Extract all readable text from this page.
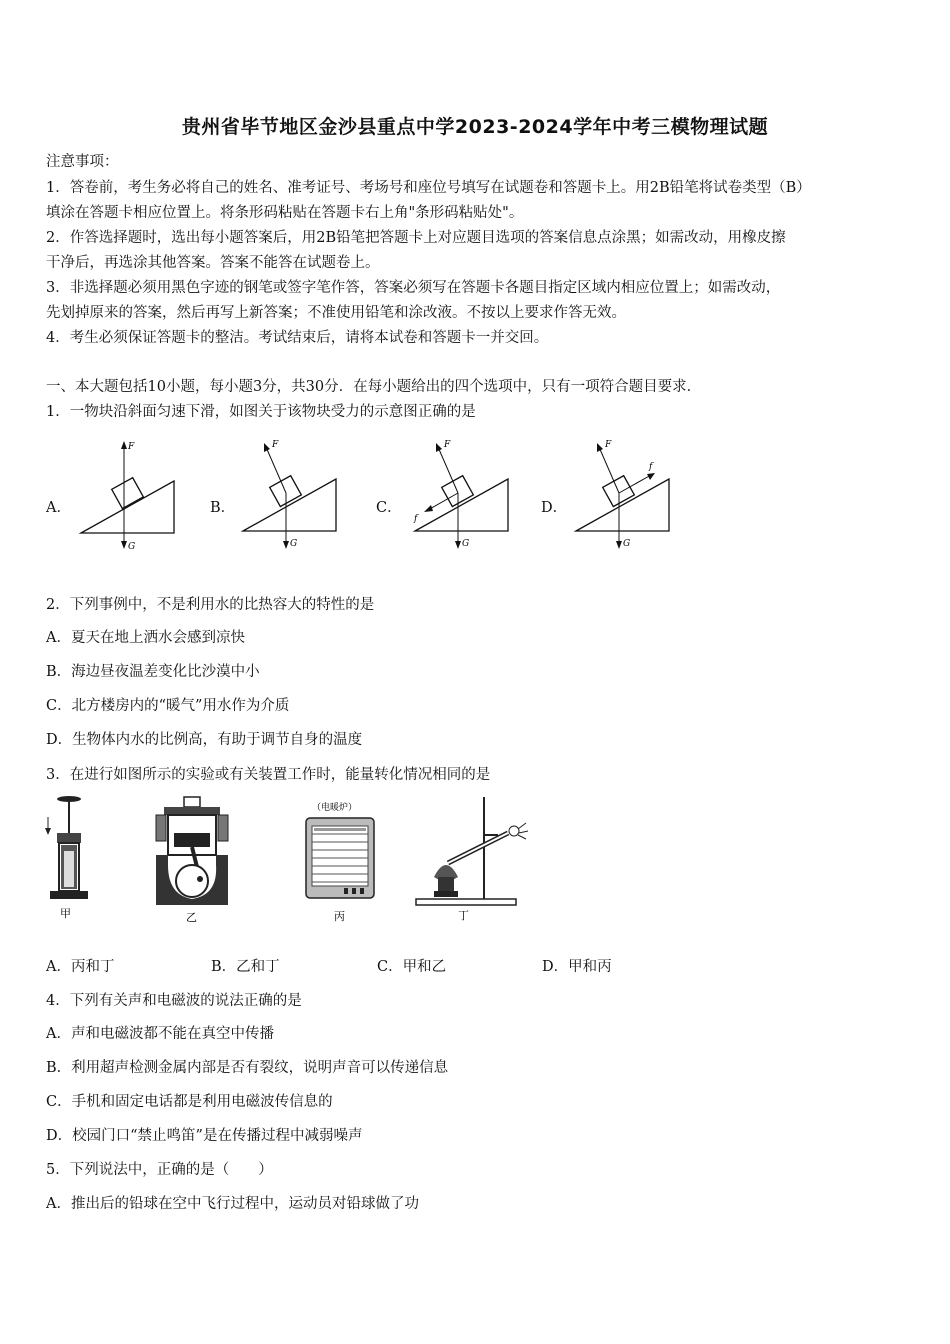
贵州省毕节地区金沙县重点中学2023-2024学年中考三模物理试题
注意事项：
1．答卷前，考生务必将自己的姓名、准考证号、考场号和座位号填写在试题卷和答题卡上。用2B铅笔将试卷类型（B）
填涂在答题卡相应位置上。将条形码粘贴在答题卡右上角"条形码粘贴处"。
2．作答选择题时，选出每小题答案后，用2B铅笔把答题卡上对应题目选项的答案信息点涂黑；如需改动，用橡皮擦
干净后，再选涂其他答案。答案不能答在试题卷上。
3．非选择题必须用黑色字迹的钢笔或签字笔作答，答案必须写在答题卡各题目指定区域内相应位置上；如需改动，
先划掉原来的答案，然后再写上新答案；不准使用铅笔和涂改液。不按以上要求作答无效。
4．考生必须保证答题卡的整洁。考试结束后，请将本试卷和答题卡一并交回。
一、本大题包括10小题，每小题3分，共30分．在每小题给出的四个选项中，只有一项符合题目要求．
1．一物块沿斜面匀速下滑，如图关于该物块受力的示意图正确的是
A．	B．	C．	D．
F
G
F
G
F
G
f
F
G
f
2．下列事例中，不是利用水的比热容大的特性的是
A．夏天在地上洒水会感到凉快
B．海边昼夜温差变化比沙漠中小
C．北方楼房内的“暖气”用水作为介质
D．生物体内水的比例高，有助于调节自身的温度
3．在进行如图所示的实验或有关装置工作时，能量转化情况相同的是
甲	乙
（电暖炉）
丙	丁
A．丙和丁	B．乙和丁	C．甲和乙	D．甲和丙
4．下列有关声和电磁波的说法正确的是
A．声和电磁波都不能在真空中传播
B．利用超声检测金属内部是否有裂纹，说明声音可以传递信息
C．手机和固定电话都是利用电磁波传信息的
D．校园门口“禁止鸣笛”是在传播过程中减弱噪声
5．下列说法中，正确的是（　　）
A．推出后的铅球在空中飞行过程中，运动员对铅球做了功
